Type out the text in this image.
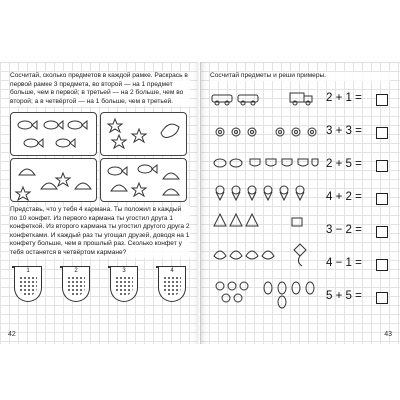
Сосчитай, сколько предметов в каждой рамке. Раскрась в первой рамке 3 предмета, во второй — на 1 предмет больше, чем в первой; в третьей — на 2 больше, чем во второй; а в четвёртой — на 1 больше, чем в третьей.
Представь, что у тебя 4 кармана. Ты положил в каждый по 10 конфет. Из первого кармана ты угостил друга 1 конфеткой. Из второго кармана ты угостил другого друга 2 конфетками. И каждый раз ты угощал друзей, доводя на 1 конфету больше, чем в прошлый раз. Сколько конфет у тебя останется в четвёртом кармане?
1	2	3	4
42
Сосчитай предметы и реши примеры.
2 + 1 =
3 + 3 =
2 + 5 =
4 + 2 =
3 − 2 =
4 − 1 =
5 + 5 =
43
